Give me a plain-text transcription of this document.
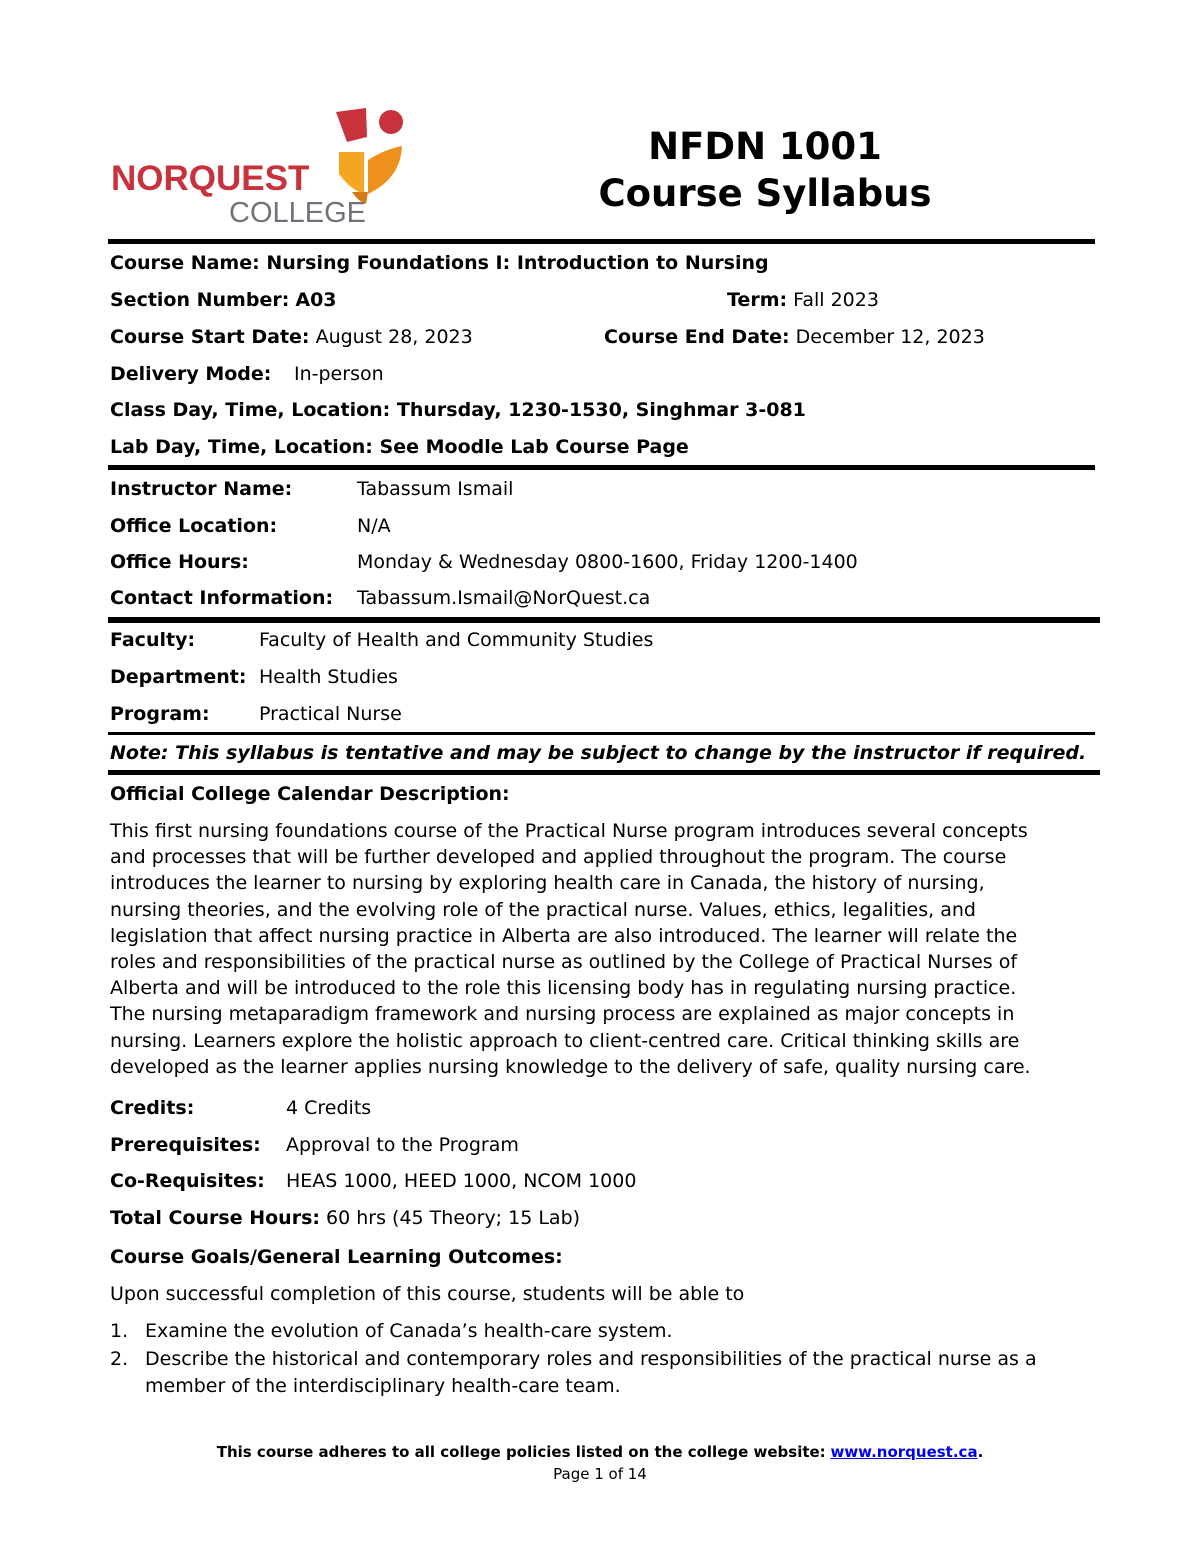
NORQUEST
COLLEGE
NFDN 1001
Course Syllabus
Course Name: Nursing Foundations I: Introduction to Nursing
Section Number: A03	Term: Fall 2023
Course Start Date: August 28, 2023	Course End Date: December 12, 2023
Delivery Mode: In-person
Class Day, Time, Location: Thursday, 1230-1530, Singhmar 3-081
Lab Day, Time, Location: See Moodle Lab Course Page
Instructor Name:	Tabassum Ismail
Office Location:	N/A
Office Hours:	Monday & Wednesday 0800-1600, Friday 1200-1400
Contact Information: Tabassum.Ismail@NorQuest.ca
Faculty:	Faculty of Health and Community Studies
Department: Health Studies
Program:	Practical Nurse
Note: This syllabus is tentative and may be subject to change by the instructor if required.
Official College Calendar Description:
This first nursing foundations course of the Practical Nurse program introduces several concepts
and processes that will be further developed and applied throughout the program. The course
introduces the learner to nursing by exploring health care in Canada, the history of nursing,
nursing theories, and the evolving role of the practical nurse. Values, ethics, legalities, and
legislation that affect nursing practice in Alberta are also introduced. The learner will relate the
roles and responsibilities of the practical nurse as outlined by the College of Practical Nurses of
Alberta and will be introduced to the role this licensing body has in regulating nursing practice.
The nursing metaparadigm framework and nursing process are explained as major concepts in
nursing. Learners explore the holistic approach to client-centred care. Critical thinking skills are
developed as the learner applies nursing knowledge to the delivery of safe, quality nursing care.
Credits:	4 Credits
Prerequisites: Approval to the Program
Co-Requisites: HEAS 1000, HEED 1000, NCOM 1000
Total Course Hours: 60 hrs (45 Theory; 15 Lab)
Course Goals/General Learning Outcomes:
Upon successful completion of this course, students will be able to
1. Examine the evolution of Canada’s health-care system.
2. Describe the historical and contemporary roles and responsibilities of the practical nurse as a
member of the interdisciplinary health-care team.
This course adheres to all college policies listed on the college website: www.norquest.ca.
Page 1 of 14
